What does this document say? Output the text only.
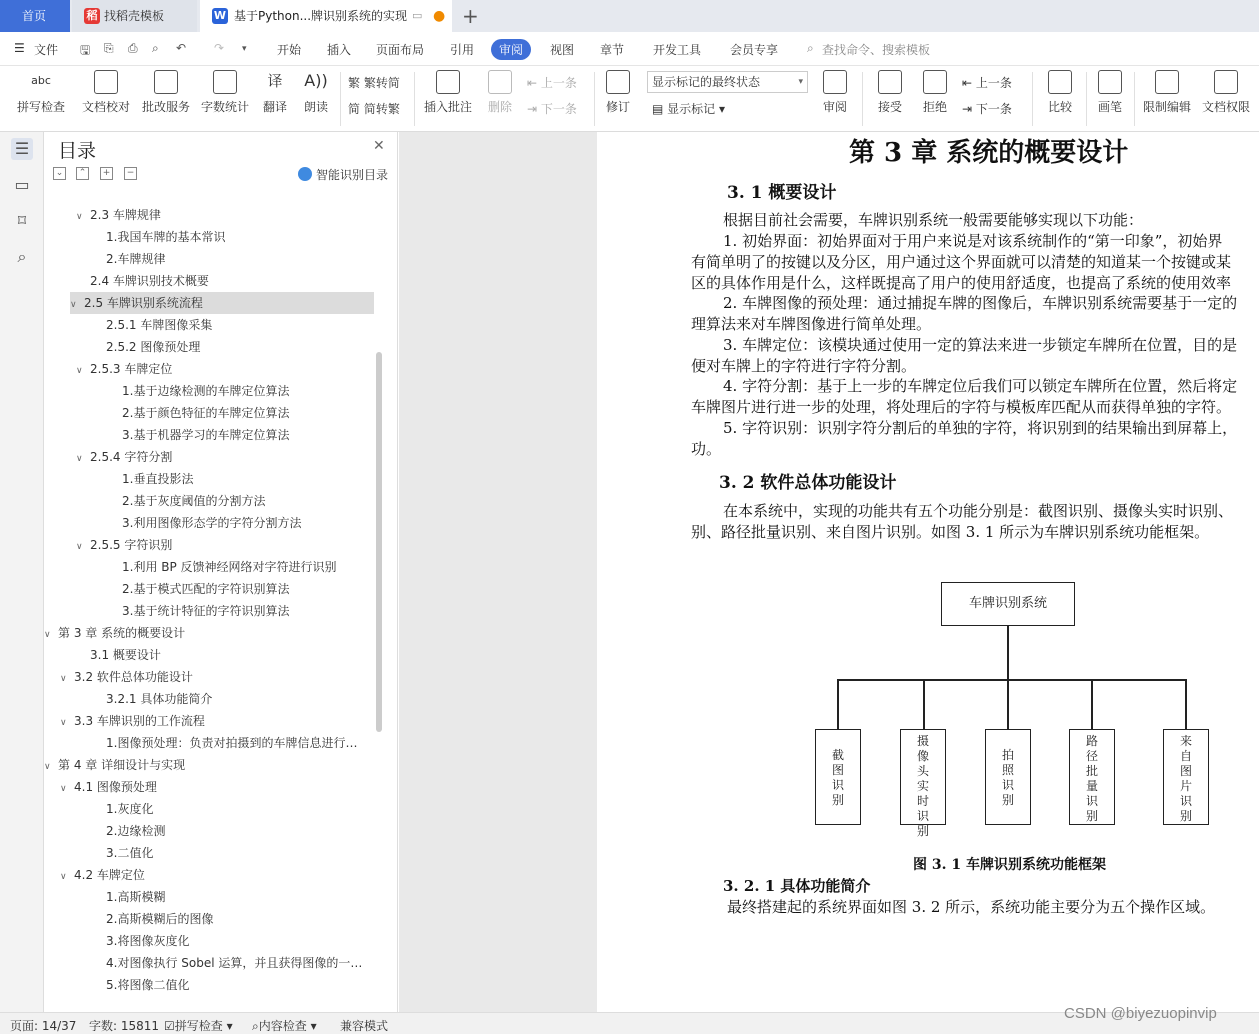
首页	稻 找稻壳模板	W 基于Python...牌识别系统的实现 ▭ ● +
☰ 文件 🖫 ⎘ ⎙ ⌕ ↶ ↷ ▾	开始 插入 页面布局 引用	审阅	视图 章节 开发工具 会员专享 ⌕ 查找命令、搜索模板
abc
拼写检查	文档校对 批改服务 字数统计
译
翻译
A))
朗读
繁 繁转简
简 简转繁 插入批注	删除
⇤ 上一条
⇥ 下一条	修订
显示标记的最终状态	▾
▤ 显示标记 ▾	审阅	接受	拒绝
⇤ 上一条
⇥ 下一条	比较	画笔	限制编辑 文档权限
☰
▭
⌑
⌕
目录	✕
⌄	⌃	+	−	智能识别目录
∨ 2.3 车牌规律
1.我国车牌的基本常识
2.车牌规律
2.4 车牌识别技术概要
∨ 2.5 车牌识别系统流程
2.5.1 车牌图像采集
2.5.2 图像预处理
∨ 2.5.3 车牌定位
1.基于边缘检测的车牌定位算法
2.基于颜色特征的车牌定位算法
3.基于机器学习的车牌定位算法
∨ 2.5.4 字符分割
1.垂直投影法
2.基于灰度阈值的分割方法
3.利用图像形态学的字符分割方法
∨ 2.5.5 字符识别
1.利用 BP 反馈神经网络对字符进行识别
2.基于模式匹配的字符识别算法
3.基于统计特征的字符识别算法
∨ 第 3 章 系统的概要设计
3.1 概要设计
∨ 3.2 软件总体功能设计
3.2.1 具体功能简介
∨ 3.3 车牌识别的工作流程
1.图像预处理：负责对拍摄到的车牌信息进行…
∨ 第 4 章 详细设计与实现
∨ 4.1 图像预处理
1.灰度化
2.边缘检测
3.二值化
∨ 4.2 车牌定位
1.高斯模糊
2.高斯模糊后的图像
3.将图像灰度化
4.对图像执行 Sobel 运算，并且获得图像的一…
5.将图像二值化
第 3 章 系统的概要设计
3. 1 概要设计
根据目前社会需要，车牌识别系统一般需要能够实现以下功能：
1. 初始界面：初始界面对于用户来说是对该系统制作的“第一印象”，初始界
有简单明了的按键以及分区，用户通过这个界面就可以清楚的知道某一个按键或某
区的具体作用是什么，这样既提高了用户的使用舒适度，也提高了系统的使用效率
2. 车牌图像的预处理：通过捕捉车牌的图像后，车牌识别系统需要基于一定的
理算法来对车牌图像进行简单处理。
3. 车牌定位：该模块通过使用一定的算法来进一步锁定车牌所在位置，目的是
便对车牌上的字符进行字符分割。
4. 字符分割：基于上一步的车牌定位后我们可以锁定车牌所在位置，然后将定
车牌图片进行进一步的处理，将处理后的字符与模板库匹配从而获得单独的字符。
5. 字符识别：识别字符分割后的单独的字符，将识别到的结果输出到屏幕上，
功。
3. 2 软件总体功能设计
在本系统中，实现的功能共有五个功能分别是：截图识别、摄像头实时识别、
别、路径批量识别、来自图片识别。如图 3. 1 所示为车牌识别系统功能框架。
车牌识别系统
截
图
识
别
摄
像
头
实
时
识
别
拍
照
识
别
路
径
批
量
识
别
来
自
图
片
识
别
图 3. 1 车牌识别系统功能框架
3. 2. 1 具体功能简介
最终搭建起的系统界面如图 3. 2 所示，系统功能主要分为五个操作区域。
页面: 14/37 字数: 15811 ☑拼写检查 ▾ ⌕内容检查 ▾ 兼容模式
CSDN @biyezuopinvip
